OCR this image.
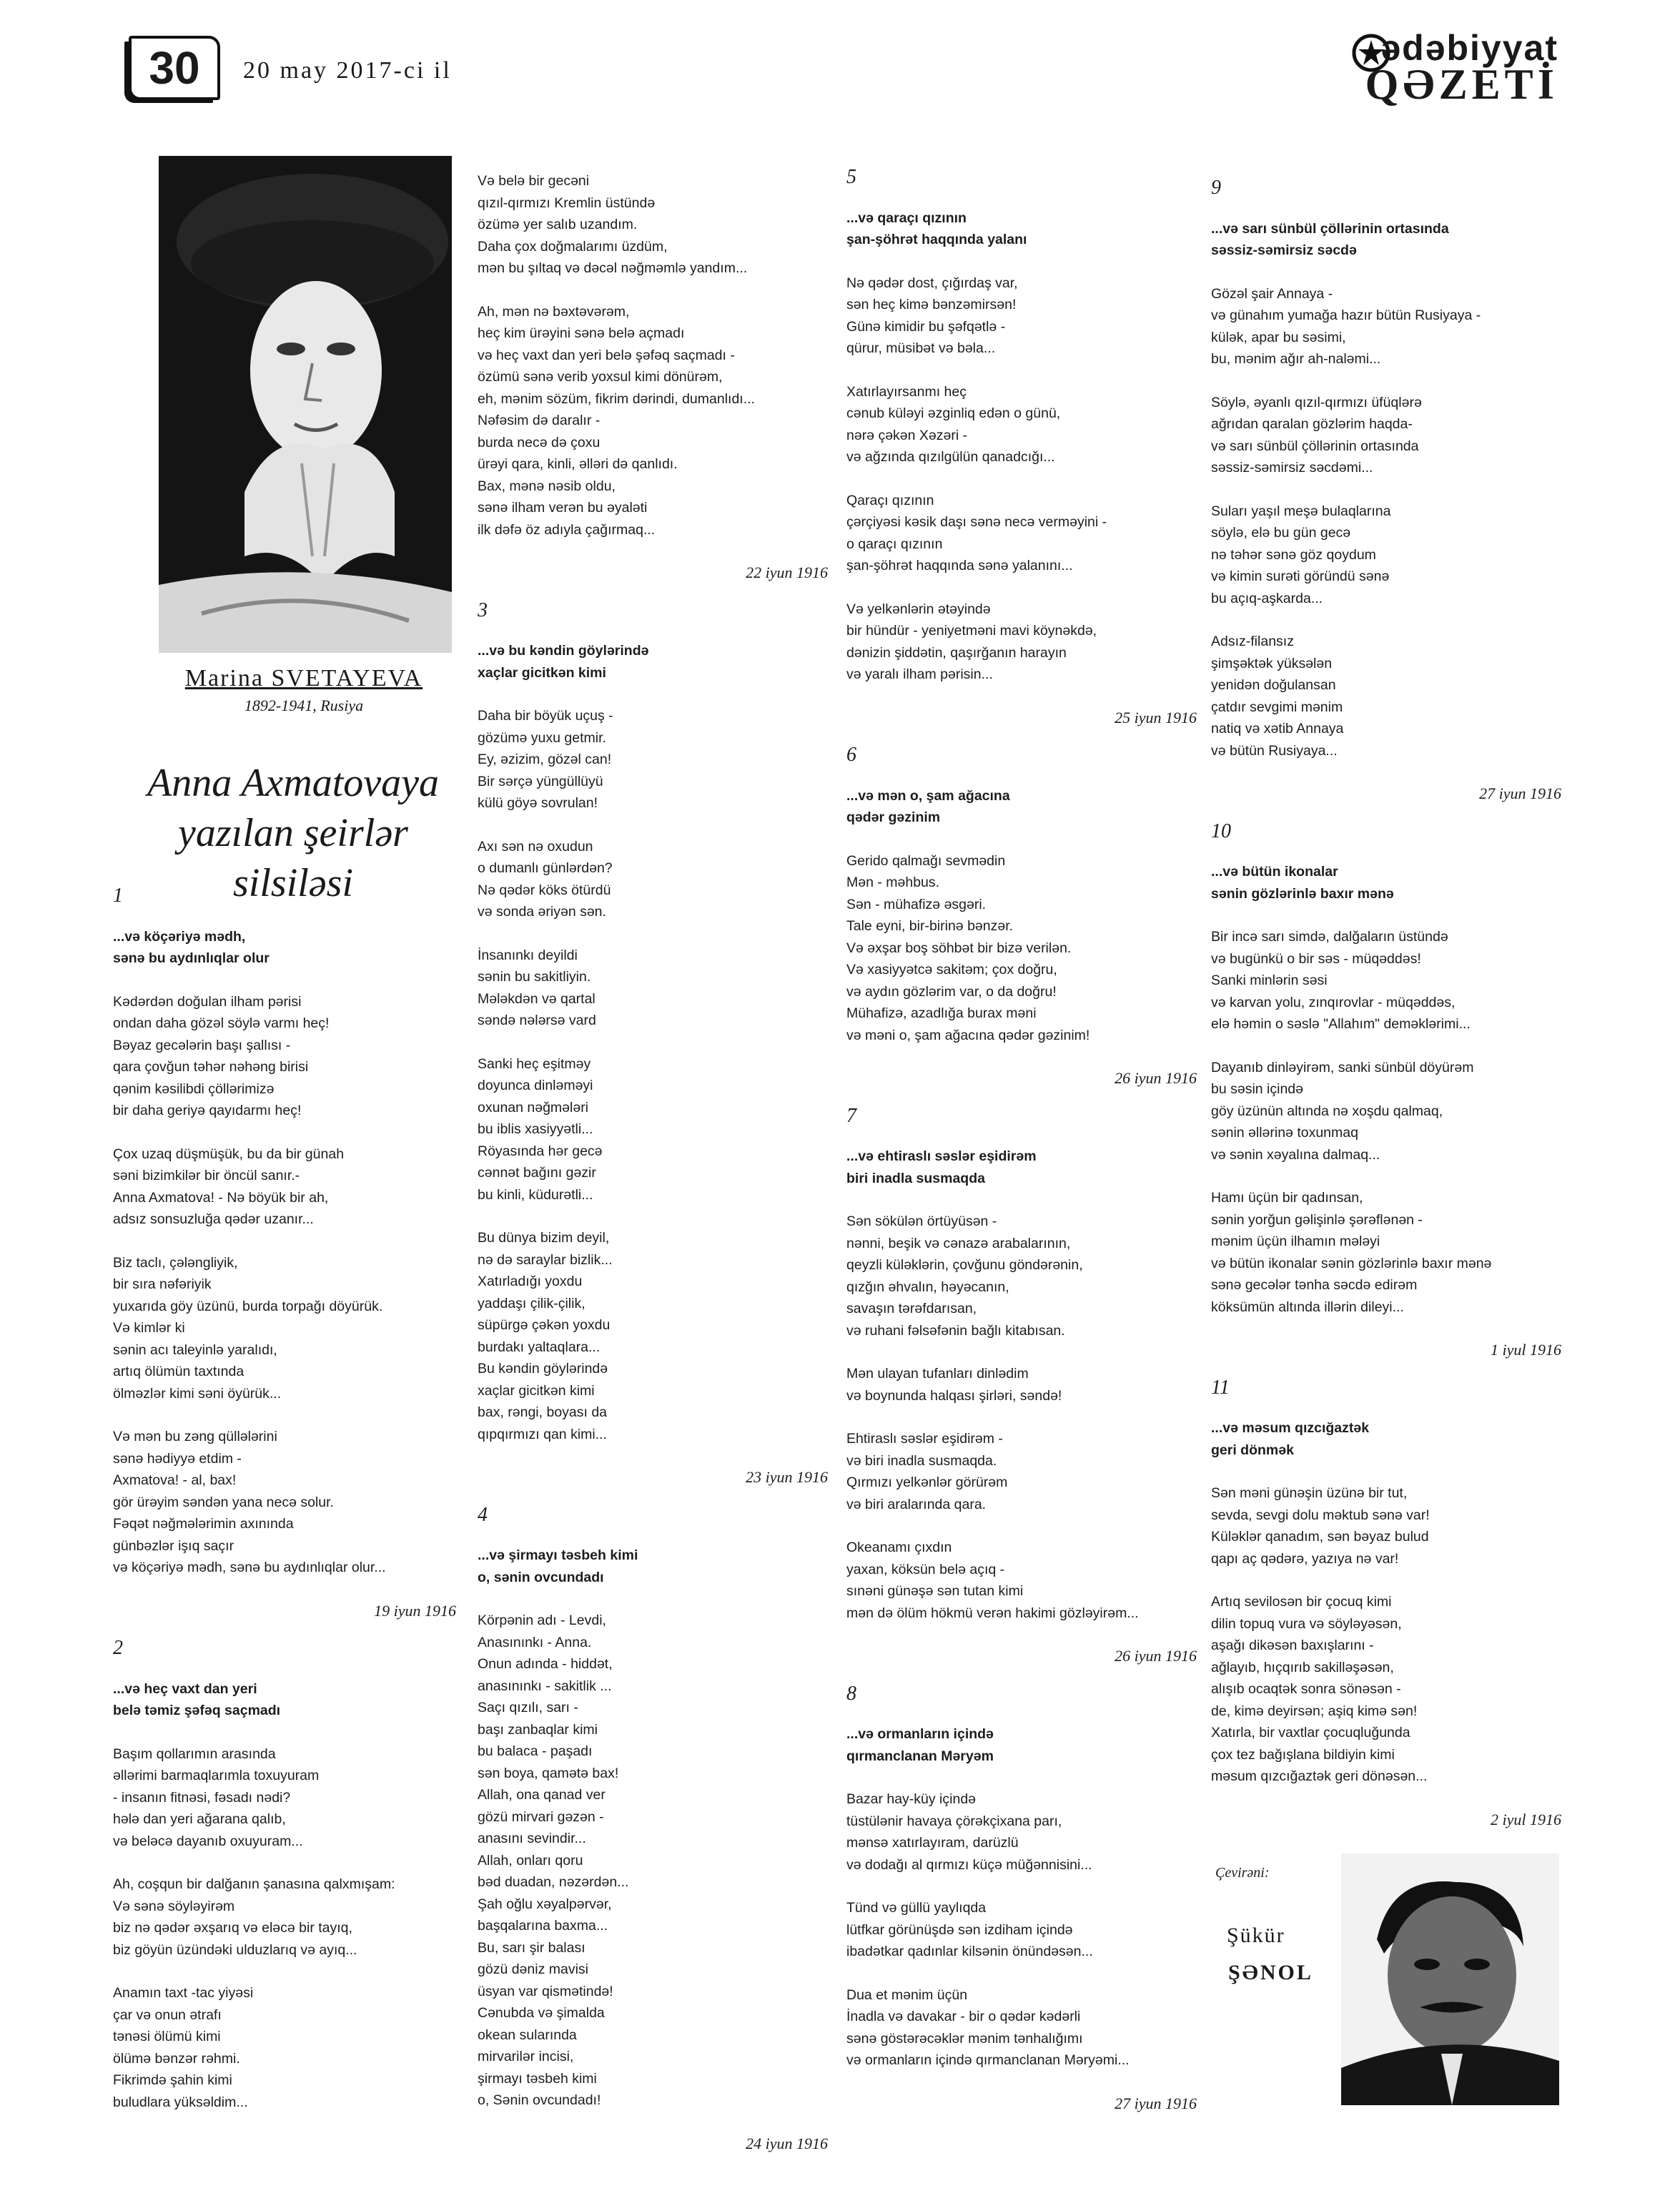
30	20 may 2017-ci il
ədəbiyyat
QƏZETİ
Marina SVETAYEVA
1892-1941, Rusiya
Anna Axmatovaya
yazılan şeirlər silsiləsi
1

...və köçəriyə mədh,

sənə bu aydınlıqlar olur

Kədərdən doğulan ilham pərisi

ondan daha gözəl söylə varmı heç!

Bəyaz gecələrin başı şallısı -

qara çovğun təhər nəhəng birisi

qənim kəsilibdi çöllərimizə

bir daha geriyə qayıdarmı heç!

Çox uzaq düşmüşük, bu da bir günah

səni bizimkilər bir öncül sanır.-

Anna Axmatova! - Nə böyük bir ah,

adsız sonsuzluğa qədər uzanır...

Biz taclı, çələngliyik,

bir sıra nəfəriyik

yuxarıda göy üzünü, burda torpağı döyürük.

Və kimlər ki

sənin acı taleyinlə yaralıdı,

artıq ölümün taxtında

ölməzlər kimi səni öyürük...

Və mən bu zəng qüllələrini

sənə hədiyyə etdim -

Axmatova! - al, bax!

gör ürəyim səndən yana necə solur.

Fəqət nəğmələrimin axınında

günbəzlər işıq saçır

və köçəriyə mədh, sənə bu aydınlıqlar olur...

19 iyun 1916
2

...və heç vaxt dan yeri

belə təmiz şəfəq saçmadı

Başım qollarımın arasında

əllərimi barmaqlarımla toxuyuram

- insanın fitnəsi, fəsadı nədi?

hələ dan yeri ağarana qalıb,

və beləcə dayanıb oxuyuram...

Ah, coşqun bir dalğanın şanasına qalxmışam:

Və sənə söyləyirəm

biz nə qədər əxşarıq və eləcə bir tayıq,

biz göyün üzündəki ulduzlarıq və ayıq...

Anamın taxt -tac yiyəsi

çar və onun ətrafı

tənəsi ölümü kimi

ölümə bənzər rəhmi.

Fikrimdə şahin kimi

buludlara yüksəldim...

Və belə bir gecəni

qızıl-qırmızı Kremlin üstündə

özümə yer salıb uzandım.

Daha çox doğmalarımı üzdüm,

mən bu şıltaq və dəcəl nəğməmlə yandım...

Ah, mən nə bəxtəvərəm,

heç kim ürəyini sənə belə açmadı

və heç vaxt dan yeri belə şəfəq saçmadı -

özümü sənə verib yoxsul kimi dönürəm,

eh, mənim sözüm, fikrim dərindi, dumanlıdı...

Nəfəsim də daralır -

burda necə də çoxu

ürəyi qara, kinli, əlləri də qanlıdı.

Bax, mənə nəsib oldu,

sənə ilham verən bu əyaləti

ilk dəfə öz adıyla çağırmaq...

22 iyun 1916
3

...və bu kəndin göylərində

xaçlar gicitkən kimi

Daha bir böyük uçuş -

gözümə yuxu getmir.

Ey, əzizim, gözəl can!

Bir sərçə yüngüllüyü

külü göyə sovrulan!

Axı sən nə oxudun

o dumanlı günlərdən?

Nə qədər köks ötürdü

və sonda əriyən sən.

İnsanınkı deyildi

sənin bu sakitliyin.

Mələkdən və qartal

səndə nələrsə vard

Sanki heç eşitməy

doyunca dinləməyi

oxunan nəğmələri

bu iblis xasiyyətli...

Röyasında hər gecə

cənnət bağını gəzir

bu kinli, küdurətli...

Bu dünya bizim deyil,

nə də saraylar bizlik...

Xatırladığı yoxdu

yaddaşı çilik-çilik,

süpürgə çəkən yoxdu

burdakı yaltaqlara...

Bu kəndin göylərində

xaçlar gicitkən kimi

bax, rəngi, boyası da

qıpqırmızı qan kimi...

23 iyun 1916
4

...və şirmayı təsbeh kimi

o, sənin ovcundadı

Körpənin adı - Levdi,

Anasınınkı - Anna.

Onun adında - hiddət,

anasınınkı - sakitlik ...

Saçı qızılı, sarı -

başı zanbaqlar kimi

bu balaca - paşadı

sən boya, qamətə bax!

Allah, ona qanad ver

gözü mirvari gəzən -

anasını sevindir...

Allah, onları qoru

bəd duadan, nəzərdən...

Şah oğlu xəyalpərvər,

başqalarına baxma...

Bu, sarı şir balası

gözü dəniz mavisi

üsyan var qismətində!

Cənubda və şimalda

okean sularında

mirvarilər incisi,

şirmayı təsbeh kimi

o, Sənin ovcundadı!

24 iyun 1916
5

...və qaraçı qızının

şan-şöhrət haqqında yalanı

Nə qədər dost, çığırdaş var,

sən heç kimə bənzəmirsən!

Günə kimidir bu şəfqətlə -

qürur, müsibət və bəla...

Xatırlayırsanmı heç

cənub küləyi əzginliq edən o günü,

nərə çəkən Xəzəri -

və ağzında qızılgülün qanadcığı...

Qaraçı qızının

çərçiyəsi kəsik daşı sənə necə verməyini -

o qaraçı qızının

şan-şöhrət haqqında sənə yalanını...

Və yelkənlərin ətəyində

bir hündür - yeniyetməni mavi köynəkdə,

dənizin şiddətin, qaşırğanın harayın

və yaralı ilham pərisin...

25 iyun 1916
6

...və mən o, şam ağacına

qədər gəzinim

Gerido qalmağı sevmədin

Mən - məhbus.

Sən - mühafizə əsgəri.

Tale eyni, bir-birinə bənzər.

Və əxşar boş söhbət bir bizə verilən.

Və xasiyyətcə sakitəm; çox doğru,

və aydın gözlərim var, o da doğru!

Mühafizə, azadlığa burax məni

və məni o, şam ağacına qədər gəzinim!

26 iyun 1916
7

...və ehtiraslı səslər eşidirəm

biri inadla susmaqda

Sən sökülən örtüyüsən -

nənni, beşik və cənazə arabalarının,

qeyzli küləklərin, çovğunu göndərənin,

qızğın əhvalın, həyəcanın,

savaşın tərəfdarısan,

və ruhani fəlsəfənin bağlı kitabısan.

Mən ulayan tufanları dinlədim

və boynunda halqası şirləri, səndə!

Ehtiraslı səslər eşidirəm -

və biri inadla susmaqda.

Qırmızı yelkənlər görürəm

və biri aralarında qara.

Okeanamı çıxdın

yaxan, köksün belə açıq -

sınəni günəşə sən tutan kimi

mən də ölüm hökmü verən hakimi gözləyirəm...

26 iyun 1916
8

...və ormanların içində

qırmanclanan Məryəm

Bazar hay-küy içində

tüstülənir havaya çörəkçixana parı,

mənsə xatırlayıram, darüzlü

və dodağı al qırmızı küçə müğənnisini...

Tünd və güllü yaylıqda

lütfkar görünüşdə sən izdiham içində

ibadətkar qadınlar kilsənin önündəsən...

Dua et mənim üçün

İnadla və davakar - bir o qədər kədərli

sənə göstərəcəklər mənim tənhalığımı

və ormanların içində qırmanclanan Məryəmi...

27 iyun 1916
9

...və sarı sünbül çöllərinin ortasında

səssiz-səmirsiz səcdə

Gözəl şair Annaya -

və günahım yumağa hazır bütün Rusiyaya -

külək, apar bu səsimi,

bu, mənim ağır ah-naləmi...

Söylə, əyanlı qızıl-qırmızı üfüqlərə

ağrıdan qaralan gözlərim haqda-

və sarı sünbül çöllərinin ortasında

səssiz-səmirsiz səcdəmi...

Suları yaşıl meşə bulaqlarına

söylə, elə bu gün gecə

nə təhər sənə göz qoydum

və kimin surəti göründü sənə

bu açıq-aşkarda...

Adsız-filansız

şimşəktək yüksələn

yenidən doğulansan

çatdır sevgimi mənim

natiq və xətib Annaya

və bütün Rusiyaya...

27 iyun 1916
10

...və bütün ikonalar

sənin gözlərinlə baxır mənə

Bir incə sarı simdə, dalğaların üstündə

və bugünkü o bir səs - müqəddəs!

Sanki minlərin səsi

və karvan yolu, zınqırovlar - müqəddəs,

elə həmin o səslə "Allahım" deməklərimi...

Dayanıb dinləyirəm, sanki sünbül döyürəm

bu səsin içində

göy üzünün altında nə xoşdu qalmaq,

sənin əllərinə toxunmaq

və sənin xəyalına dalmaq...

Hamı üçün bir qadınsan,

sənin yorğun gəlişinlə şərəflənən -

mənim üçün ilhamın mələyi

və bütün ikonalar sənin gözlərinlə baxır mənə

sənə gecələr tənha səcdə edirəm

köksümün altında illərin dileyi...

1 iyul 1916
11

...və məsum qızcığaztək

geri dönmək

Sən məni günəşin üzünə bir tut,

sevda, sevgi dolu məktub sənə var!

Küləklər qanadım, sən bəyaz bulud

qapı aç qədərə, yazıya nə var!

Artıq sevilosən bir çocuq kimi

dilin topuq vura və söyləyəsən,

aşağı dikəsən baxışlarını -

ağlayıb, hıçqırıb sakilləşəsən,

alışıb ocaqtək sonra sönəsən -

de, kimə deyirsən; aşiq kimə sən!

Xatırla, bir vaxtlar çocuqluğunda

çox tez bağışlana bildiyin kimi

məsum qızcığaztək geri dönəsən...

2 iyul 1916
Çevirəni:
Şükür
ŞƏNOL
